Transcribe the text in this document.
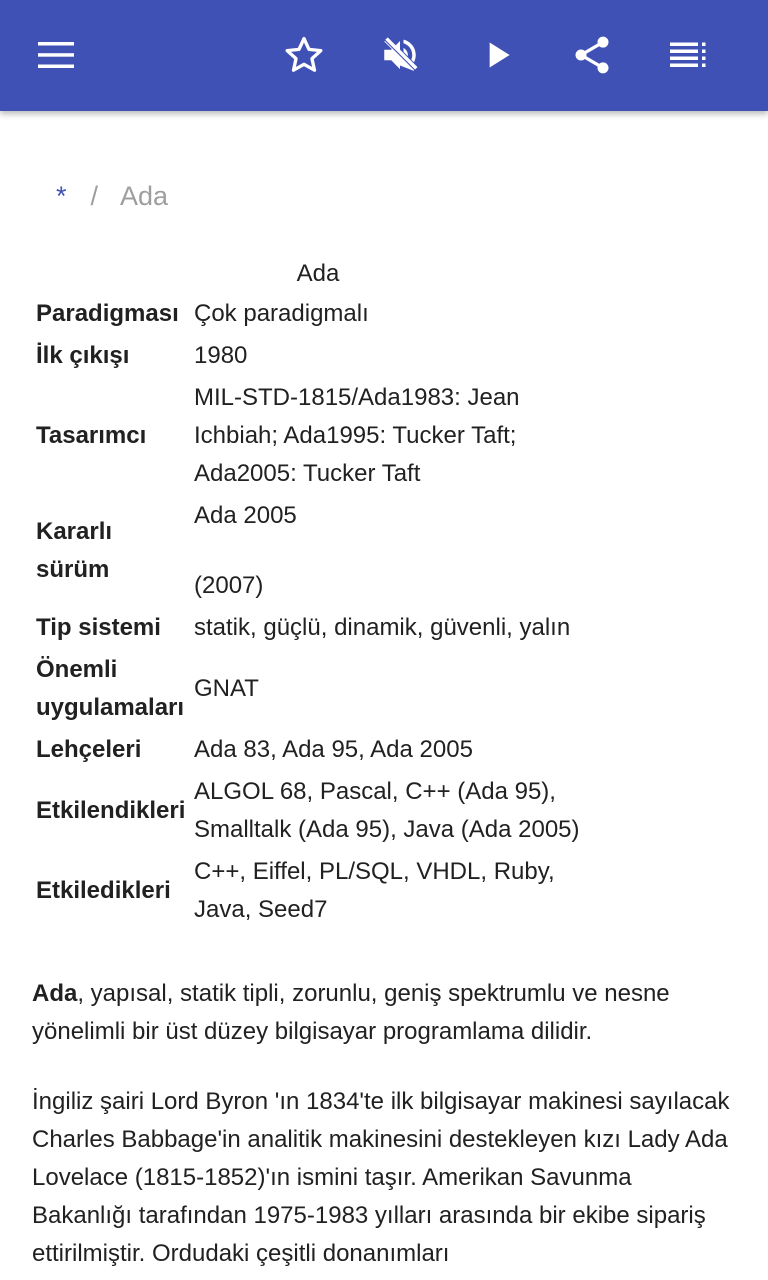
* / Ada
Ada
Paradigması	Çok paradigmalı
İlk çıkışı	1980
Tasarımcı	MIL-STD-1815/Ada1983: Jean Ichbiah; Ada1995: Tucker Taft; Ada2005: Tucker Taft
Kararlı sürüm	Ada 2005
(2007)
Tip sistemi	statik, güçlü, dinamik, güvenli, yalın
Önemli uygulamaları	GNAT
Lehçeleri	Ada 83, Ada 95, Ada 2005
Etkilendikleri	ALGOL 68, Pascal, C++ (Ada 95), Smalltalk (Ada 95), Java (Ada 2005)
Etkiledikleri	C++, Eiffel, PL/SQL, VHDL, Ruby, Java, Seed7

Ada, yapısal, statik tipli, zorunlu, geniş spektrumlu ve nesne yönelimli bir üst düzey bilgisayar programlama dilidir.

İngiliz şairi Lord Byron 'ın 1834'te ilk bilgisayar makinesi sayılacak Charles Babbage'in analitik makinesini destekleyen kızı Lady Ada Lovelace (1815-1852)'ın ismini taşır. Amerikan Savunma Bakanlığı tarafından 1975-1983 yılları arasında bir ekibe sipariş ettirilmiştir. Ordudaki çeşitli donanımları
